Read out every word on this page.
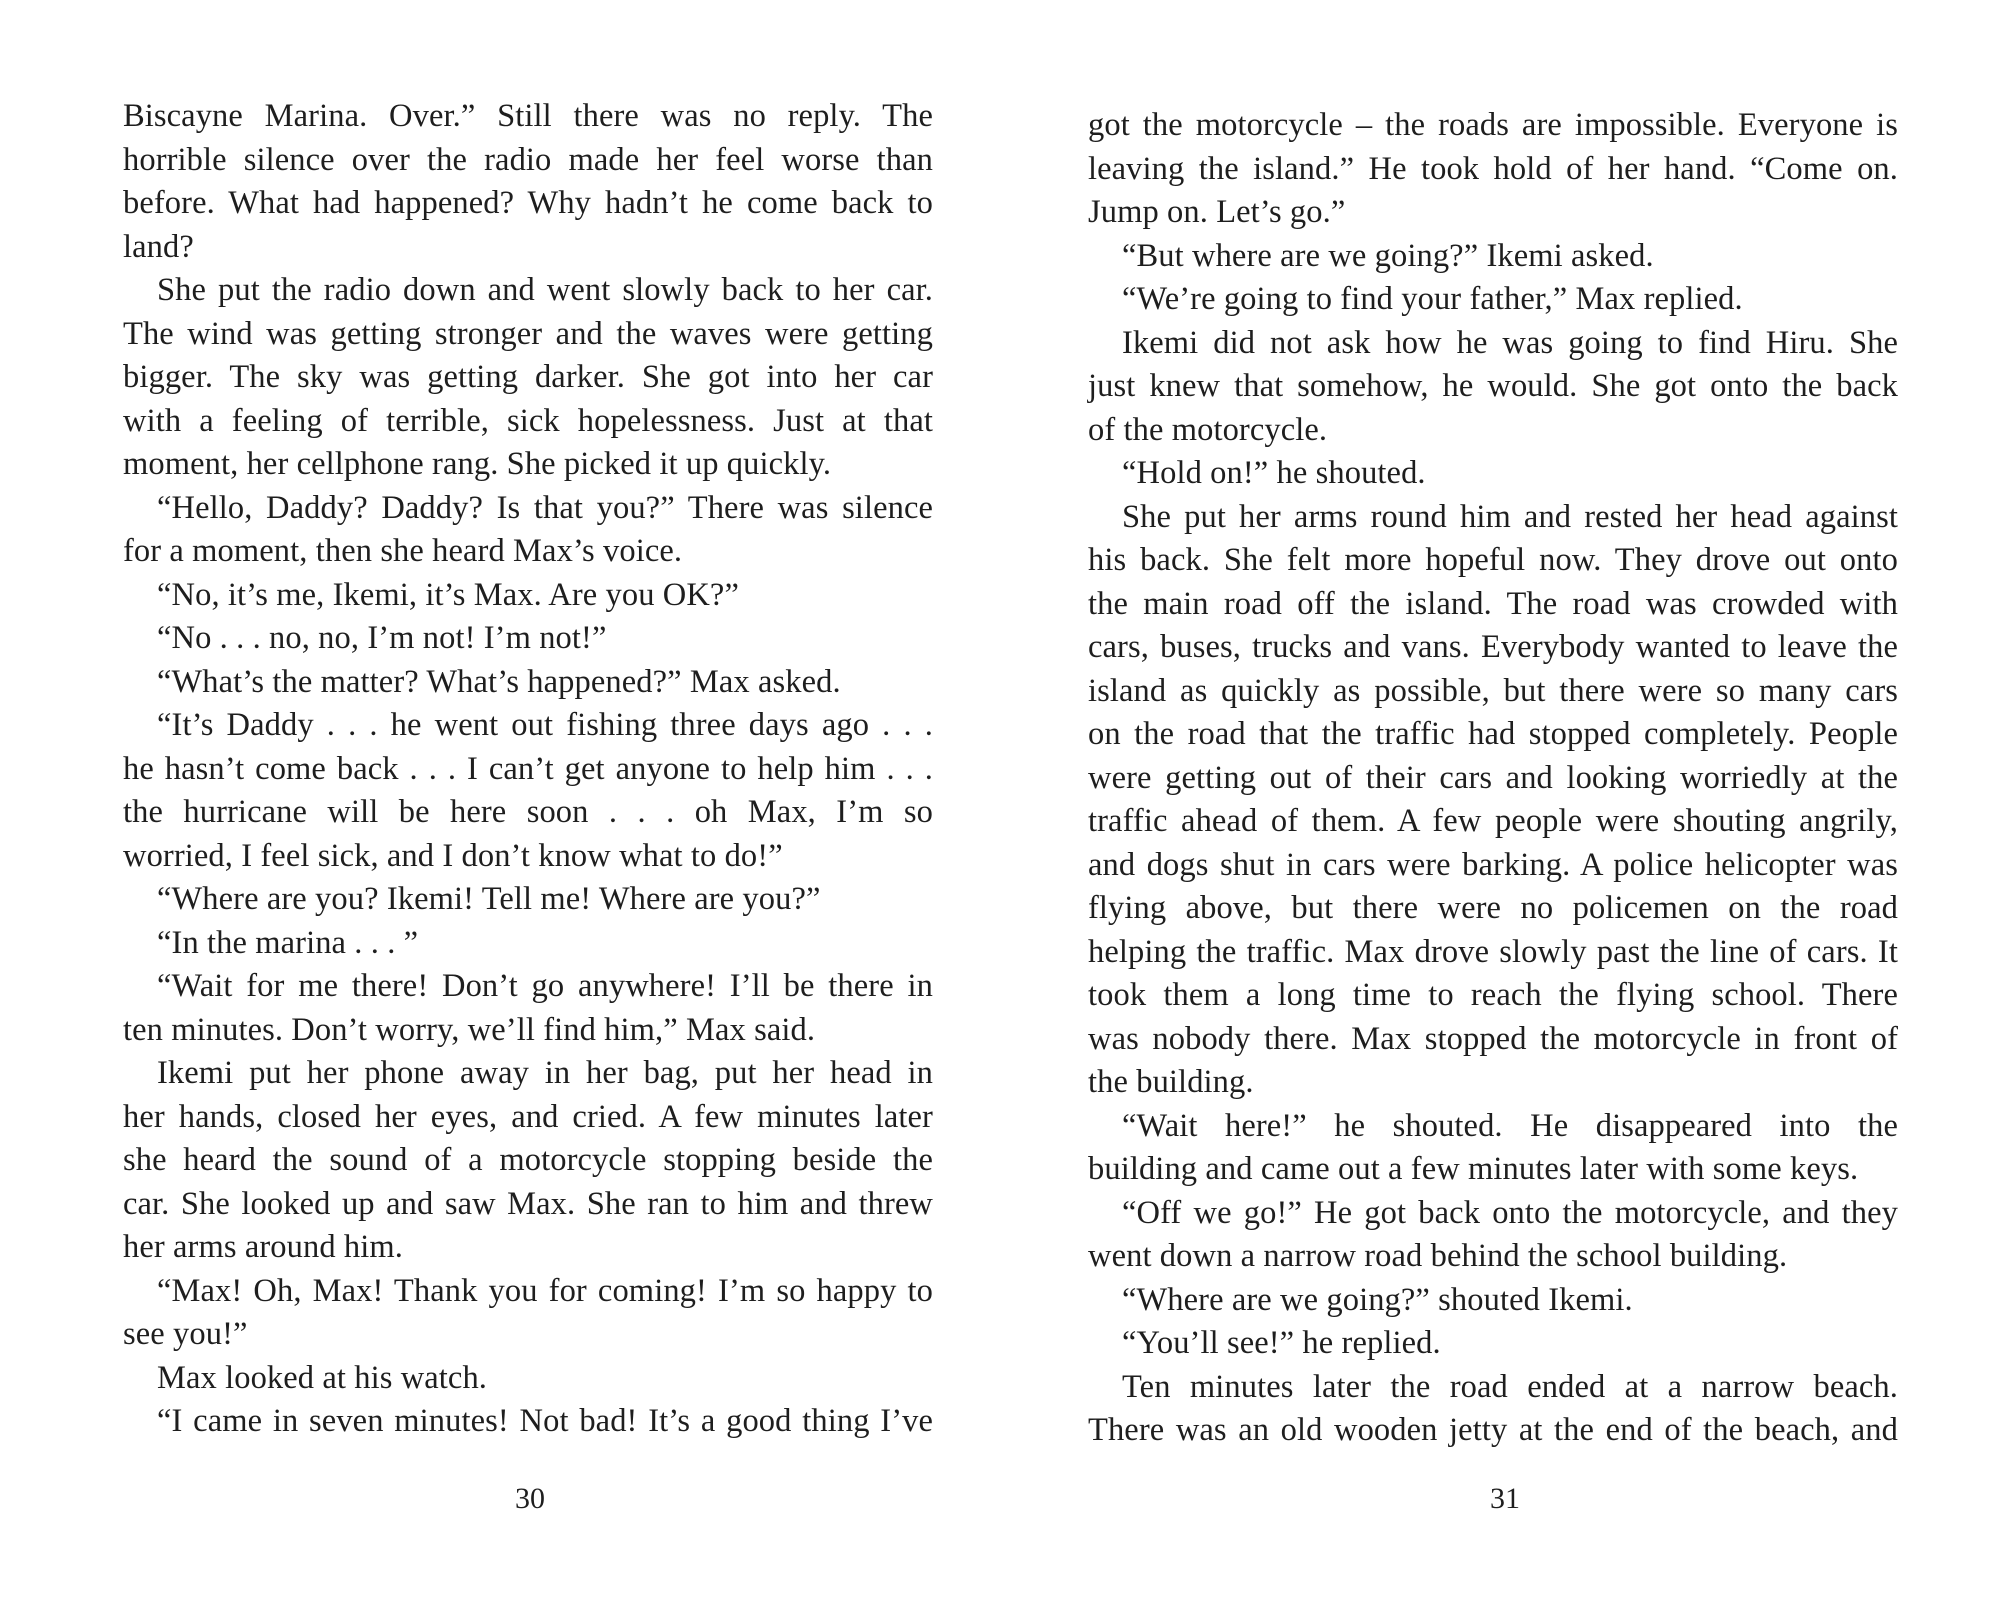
Biscayne Marina. Over.” Still there was no reply. The
horrible silence over the radio made her feel worse than
before. What had happened? Why hadn’t he come back to
land?
She put the radio down and went slowly back to her car.
The wind was getting stronger and the waves were getting
bigger. The sky was getting darker. She got into her car
with a feeling of terrible, sick hopelessness. Just at that
moment, her cellphone rang. She picked it up quickly.
“Hello, Daddy? Daddy? Is that you?” There was silence
for a moment, then she heard Max’s voice.
“No, it’s me, Ikemi, it’s Max. Are you OK?”
“No . . . no, no, I’m not! I’m not!”
“What’s the matter? What’s happened?” Max asked.
“It’s Daddy . . . he went out fishing three days ago . . .
he hasn’t come back . . . I can’t get anyone to help him . . .
the hurricane will be here soon . . . oh Max, I’m so
worried, I feel sick, and I don’t know what to do!”
“Where are you? Ikemi! Tell me! Where are you?”
“In the marina . . . ”
“Wait for me there! Don’t go anywhere! I’ll be there in
ten minutes. Don’t worry, we’ll find him,” Max said.
Ikemi put her phone away in her bag, put her head in
her hands, closed her eyes, and cried. A few minutes later
she heard the sound of a motorcycle stopping beside the
car. She looked up and saw Max. She ran to him and threw
her arms around him.
“Max! Oh, Max! Thank you for coming! I’m so happy to
see you!”
Max looked at his watch.
“I came in seven minutes! Not bad! It’s a good thing I’ve
30
got the motorcycle – the roads are impossible. Everyone is
leaving the island.” He took hold of her hand. “Come on.
Jump on. Let’s go.”
“But where are we going?” Ikemi asked.
“We’re going to find your father,” Max replied.
Ikemi did not ask how he was going to find Hiru. She
just knew that somehow, he would. She got onto the back
of the motorcycle.
“Hold on!” he shouted.
She put her arms round him and rested her head against
his back. She felt more hopeful now. They drove out onto
the main road off the island. The road was crowded with
cars, buses, trucks and vans. Everybody wanted to leave the
island as quickly as possible, but there were so many cars
on the road that the traffic had stopped completely. People
were getting out of their cars and looking worriedly at the
traffic ahead of them. A few people were shouting angrily,
and dogs shut in cars were barking. A police helicopter was
flying above, but there were no policemen on the road
helping the traffic. Max drove slowly past the line of cars. It
took them a long time to reach the flying school. There
was nobody there. Max stopped the motorcycle in front of
the building.
“Wait here!” he shouted. He disappeared into the
building and came out a few minutes later with some keys.
“Off we go!” He got back onto the motorcycle, and they
went down a narrow road behind the school building.
“Where are we going?” shouted Ikemi.
“You’ll see!” he replied.
Ten minutes later the road ended at a narrow beach.
There was an old wooden jetty at the end of the beach, and
31
